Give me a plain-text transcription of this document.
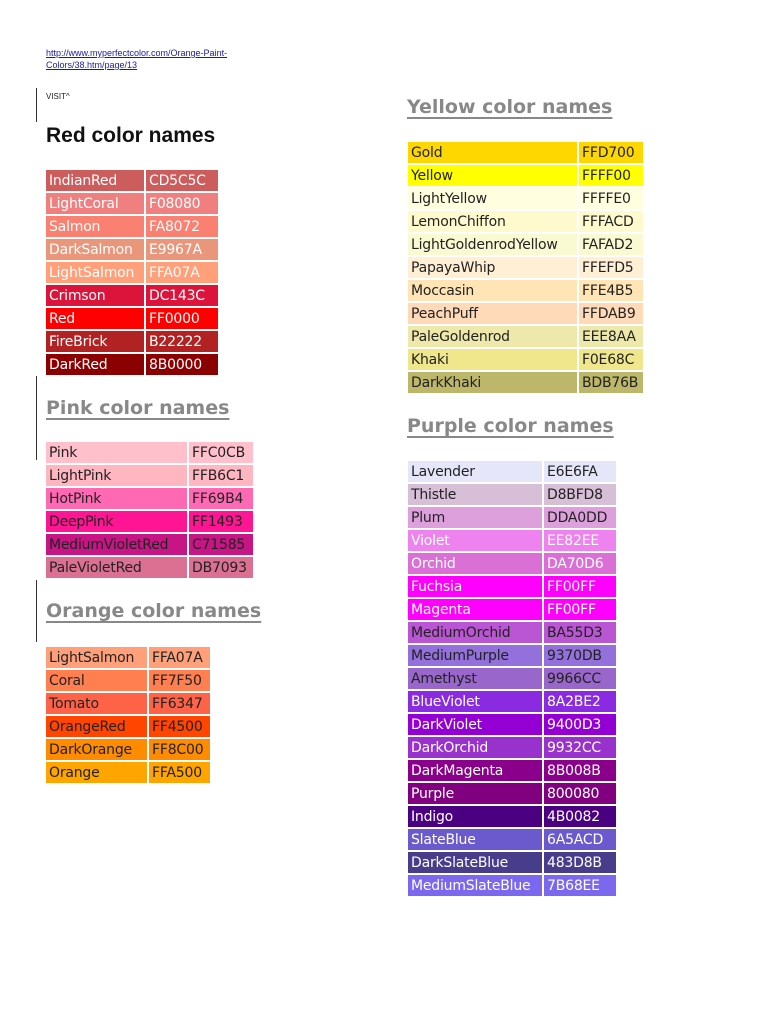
http://www.myperfectcolor.com/Orange-Paint-Colors/38.htm/page/13
VISIT^
Red color names
IndianRed	CD5C5C
LightCoral	F08080
Salmon	FA8072
DarkSalmon	E9967A
LightSalmon	FFA07A
Crimson	DC143C
Red	FF0000
FireBrick	B22222
DarkRed	8B0000
Pink color names
Pink	FFC0CB
LightPink	FFB6C1
HotPink	FF69B4
DeepPink	FF1493
MediumVioletRed	C71585
PaleVioletRed	DB7093
Orange color names
LightSalmon	FFA07A
Coral	FF7F50
Tomato	FF6347
OrangeRed	FF4500
DarkOrange	FF8C00
Orange	FFA500
Yellow color names
Gold	FFD700
Yellow	FFFF00
LightYellow	FFFFE0
LemonChiffon	FFFACD
LightGoldenrodYellow	FAFAD2
PapayaWhip	FFEFD5
Moccasin	FFE4B5
PeachPuff	FFDAB9
PaleGoldenrod	EEE8AA
Khaki	F0E68C
DarkKhaki	BDB76B
Purple color names
Lavender	E6E6FA
Thistle	D8BFD8
Plum	DDA0DD
Violet	EE82EE
Orchid	DA70D6
Fuchsia	FF00FF
Magenta	FF00FF
MediumOrchid	BA55D3
MediumPurple	9370DB
Amethyst	9966CC
BlueViolet	8A2BE2
DarkViolet	9400D3
DarkOrchid	9932CC
DarkMagenta	8B008B
Purple	800080
Indigo	4B0082
SlateBlue	6A5ACD
DarkSlateBlue	483D8B
MediumSlateBlue	7B68EE
